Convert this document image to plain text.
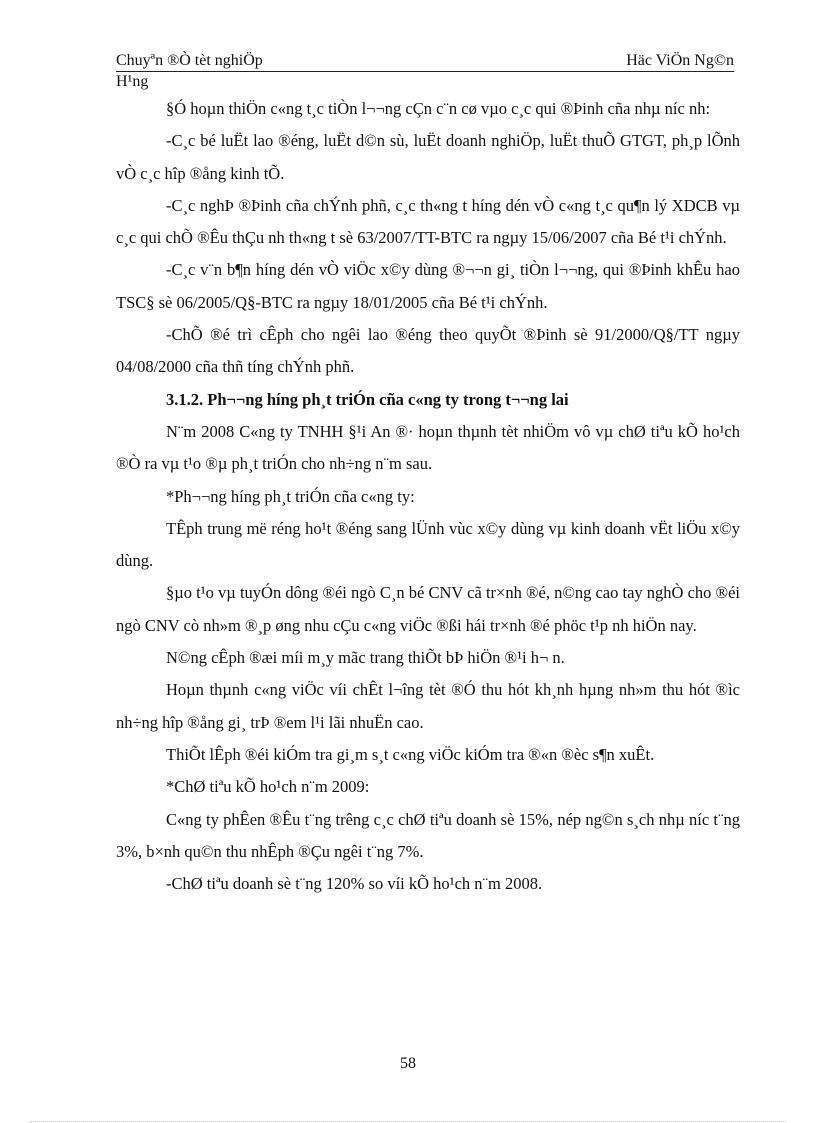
Chuyªn ®Ò tèt nghiÖp	Häc ViÖn Ng©n
H¹ng

§Ó hoµn thiÖn c«ng t¸c tiÒn l¬¬ng cÇn c¨n cø vµo c¸c qui ®Þinh cña nhµ níc nh:

-C¸c bé luËt lao ®éng, luËt d©n sù, luËt doanh nghiÖp, luËt thuÕ GTGT, ph¸p lÕnh vÒ c¸c hîp ®ång kinh tÕ.

-C¸c nghÞ ®Þinh cña chÝnh phñ, c¸c th«ng t híng dén vÒ c«ng t¸c qu¶n lý XDCB vµ c¸c qui chÕ ®Êu thÇu nh th«ng t sè 63/2007/TT-BTC ra ngµy 15/06/2007 cña Bé t¹i chÝnh.

-C¸c v¨n b¶n híng dén vÒ viÖc x©y dùng ®¬¬n gi¸ tiÒn l¬¬ng, qui ®Þinh khÊu hao TSC§ sè 06/2005/Q§-BTC ra ngµy 18/01/2005 cña Bé t¹i chÝnh.

-ChÕ ®é trì cÊph cho ngêi lao ®éng theo quyÕt ®Þinh sè 91/2000/Q§/TT ngµy 04/08/2000 cña thñ tíng chÝnh phñ.

3.1.2. Ph¬¬ng híng ph¸t triÓn cña c«ng ty trong t¬¬ng lai

N¨m 2008 C«ng ty TNHH §¹i An ®· hoµn thµnh tèt nhiÖm vô vµ chØ tiªu kÕ ho¹ch ®Ò ra vµ t¹o ®µ ph¸t triÓn cho nh÷ng n¨m sau.

*Ph¬¬ng híng ph¸t triÓn cña c«ng ty:

TÊph trung më réng ho¹t ®éng sang lÜnh vùc x©y dùng vµ kinh doanh vËt liÖu x©y dùng.

§µo t¹o vµ tuyÓn dông ®éi ngò C¸n bé CNV cã tr×nh ®é, n©ng cao tay nghÒ cho ®éi ngò CNV cò nh»m ®¸p øng nhu cÇu c«ng viÖc ®ßi hái tr×nh ®é phöc t¹p nh hiÖn nay.

N©ng cÊph ®æi míi m¸y mãc trang thiÕt bÞ hiÖn ®¹i h¬ n.

Hoµn thµnh c«ng viÖc víi chÊt l¬îng tèt ®Ó thu hót kh¸nh hµng nh»m thu hót ®ìc nh÷ng hîp ®ång gi¸ trÞ ®em l¹i lãi nhuËn cao.

ThiÕt lÊph ®éi kiÓm tra gi¸m s¸t c«ng viÖc kiÓm tra ®«n ®èc s¶n xuÊt.

*ChØ tiªu kÕ ho¹ch n¨m 2009:

C«ng ty phÊen ®Êu t¨ng trêng c¸c chØ tiªu doanh sè 15%, nép ng©n s¸ch nhµ níc t¨ng 3%, b×nh qu©n thu nhÊph ®Çu ngêi t¨ng 7%.

-ChØ tiªu doanh sè t¨ng 120% so víi kÕ ho¹ch n¨m 2008.

58
